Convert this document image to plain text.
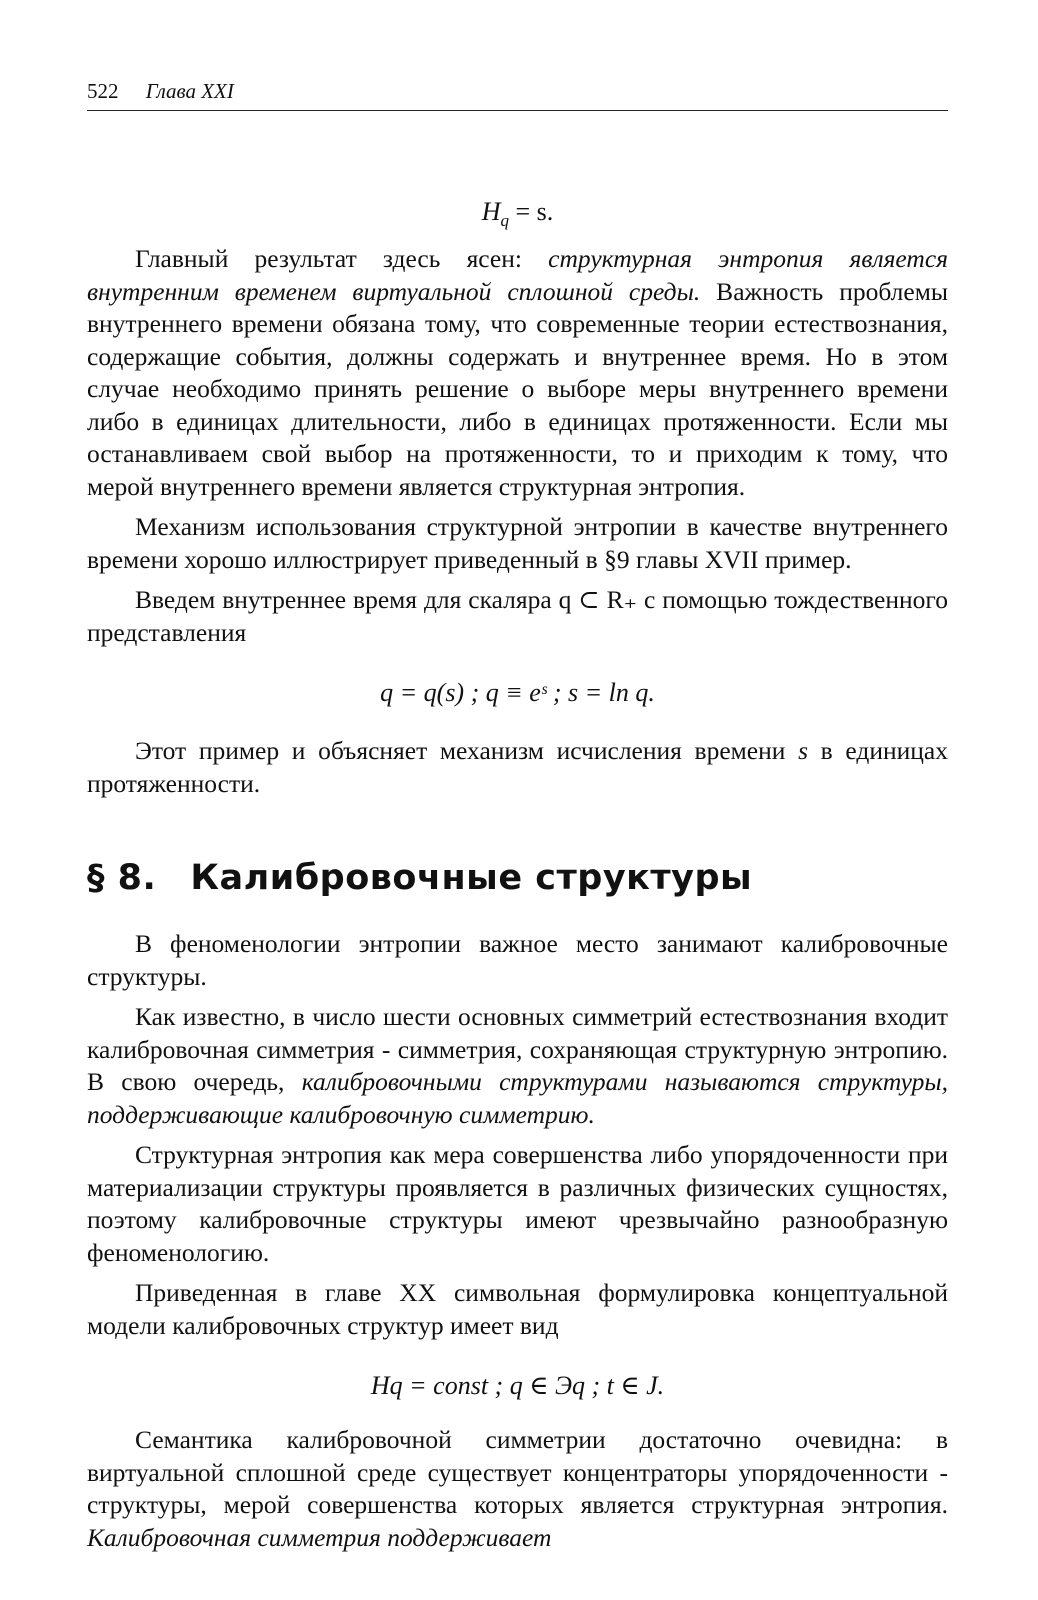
522 Глава XXI
$H_q = s$.

Главный результат здесь ясен: структурная энтропия является внутренним временем виртуальной сплошной среды. Важность проблемы внутреннего времени обязана тому, что современные теории естествознания, содержащие события, должны содержать и внутреннее время. Но в этом случае необходимо принять решение о выборе меры внутреннего времени либо в единицах длительности, либо в единицах протяженности. Если мы останавливаем свой выбор на протяженности, то и приходим к тому, что мерой внутреннего времени является структурная энтропия.

Механизм использования структурной энтропии в качестве внутреннего времени хорошо иллюстрирует приведенный в §9 главы XVII пример.

Введем внутреннее время для скаляра q ⊂ R₊ с помощью тождественного представления

q = q(s) ; q ≡ eˢ ; s = ln q.

Этот пример и объясняет механизм исчисления времени s в единицах протяженности.

§ 8. Калибровочные структуры

В феноменологии энтропии важное место занимают калибровочные структуры.

Как известно, в число шести основных симметрий естествознания входит калибровочная симметрия - симметрия, сохраняющая структурную энтропию. В свою очередь, калибровочными структурами называются структуры, поддерживающие калибровочную симметрию.

Структурная энтропия как мера совершенства либо упорядоченности при материализации структуры проявляется в различных физических сущностях, поэтому калибровочные структуры имеют чрезвычайно разнообразную феноменологию.

Приведенная в главе XX символьная формулировка концептуальной модели калибровочных структур имеет вид

Hq = const ; q ∈ Эq ; t ∈ J.

Семантика калибровочной симметрии достаточно очевидна: в виртуальной сплошной среде существует концентраторы упорядоченности - структуры, мерой совершенства которых является структурная энтропия. Калибровочная симметрия поддерживает
